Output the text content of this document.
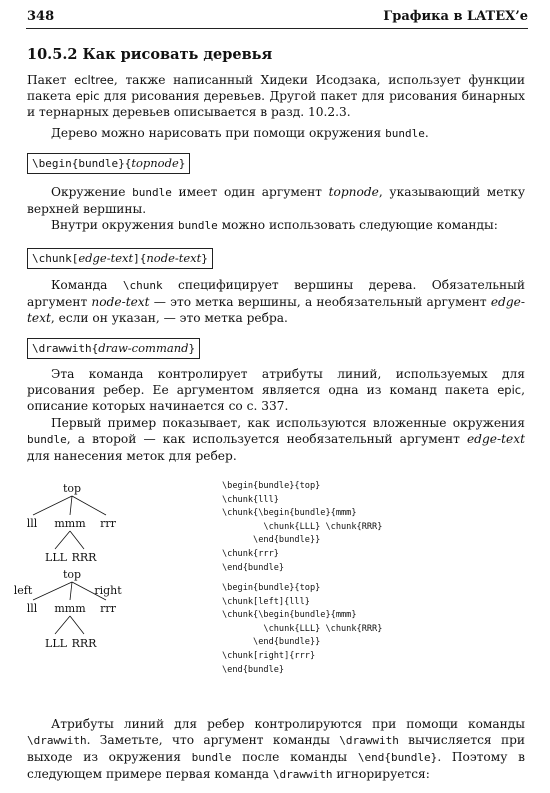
348	Графика в LATEX’е
10.5.2 Как рисовать деревья
Пакет ecltree, также написанный Хидеки Исодзака, использует функции пакета epic для рисования деревьев. Другой пакет для рисования бинарных и тернарных деревьев описывается в разд. 10.2.3.
Дерево можно нарисовать при помощи окружения bundle.
\begin{bundle}{topnode}
Окружение bundle имеет один аргумент topnode, указывающий метку верхней вершины.
Внутри окружения bundle можно использовать следующие команды:
\chunk[edge-text]{node-text}
Команда \chunk специфицирует вершины дерева. Обязательный аргумент node-text — это метка вершины, а необязательный аргумент edge-text, если он указан, — это метка ребра.
\drawwith{draw-command}
Эта команда контролирует атрибуты линий, используемых для рисования ребер. Ее аргументом является одна из команд пакета epic, описание которых начинается со с. 337.
Первый пример показывает, как используются вложенные окружения bundle, а второй — как используется необязательный аргумент edge-text для нанесения меток для ребер.
top
lll mmm rrr
LLL RRR
top
left	right
lll mmm rrr
LLL RRR
\begin{bundle}{top}
\chunk{lll}
\chunk{\begin{bundle}{mmm}
\chunk{LLL} \chunk{RRR}
\end{bundle}}
\chunk{rrr}
\end{bundle}
\begin{bundle}{top}
\chunk[left]{lll}
\chunk{\begin{bundle}{mmm}
\chunk{LLL} \chunk{RRR}
\end{bundle}}
\chunk[right]{rrr}
\end{bundle}
Атрибуты линий для ребер контролируются при помощи команды \drawwith. Заметьте, что аргумент команды \drawwith вычисляется при выходе из окружения bundle после команды \end{bundle}. Поэтому в следующем примере первая команда \drawwith игнорируется:
